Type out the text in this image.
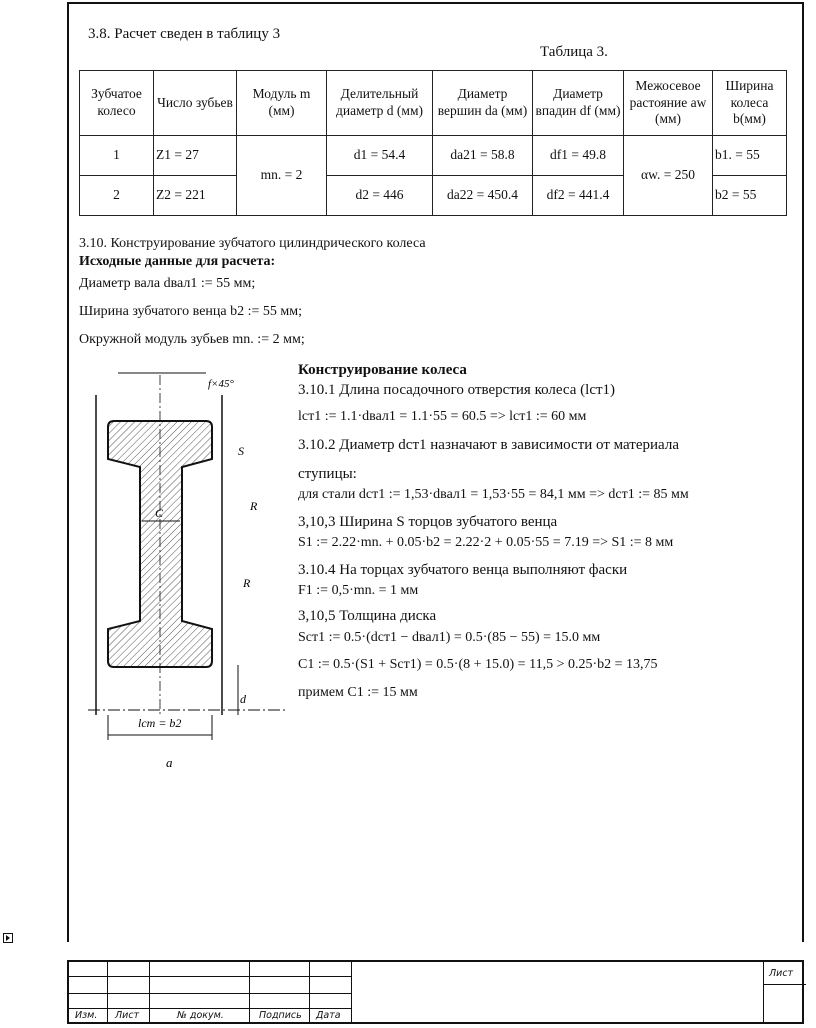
3.8. Расчет сведен в таблицу 3
Таблица 3.
Зубчатое колесо	Число зубьев	Модуль m (мм)	Делительный диаметр d (мм)	Диаметр вершин da (мм)	Диаметр впадин df (мм)	Межосевое растояние aw (мм)	Ширина колеса b(мм)
1	Z1 = 27	mn. = 2	d1 = 54.4	da21 = 58.8	df1 = 49.8	αw. = 250	b1. = 55
2	Z2 = 221		d2 = 446	da22 = 450.4	df2 = 441.4		b2 = 55
3.10. Конструирование зубчатого цилиндрического колеса
Исходные данные для расчета:
Диаметр вала dвал1 := 55 мм;
Ширина зубчатого венца b2 := 55 мм;
Окружной модуль зубьев mn. := 2 мм;
lст = b2
a
C	R
R
d
S
f×45°
Конструирование колеса
3.10.1 Длина посадочного отверстия колеса (lст1)
lст1 := 1.1·dвал1 = 1.1·55 = 60.5 => lст1 := 60 мм
3.10.2 Диаметр dст1 назначают в зависимости от материала
ступицы:
для стали dст1 := 1,53·dвал1 = 1,53·55 = 84,1 мм => dст1 := 85 мм
3,10,3 Ширина S торцов зубчатого венца
S1 := 2.22·mn. + 0.05·b2 = 2.22·2 + 0.05·55 = 7.19 => S1 := 8 мм
3.10.4 На торцах зубчатого венца выполняют фаски
F1 := 0,5·mn. = 1 мм
3,10,5 Толщина диска
Sст1 := 0.5·(dст1 − dвал1) = 0.5·(85 − 55) = 15.0 мм
C1 := 0.5·(S1 + Sст1) = 0.5·(8 + 15.0) = 11,5 > 0.25·b2 = 13,75
примем C1 := 15 мм
Изм. Лист	№ докум.	Подпись Дата
Лист
